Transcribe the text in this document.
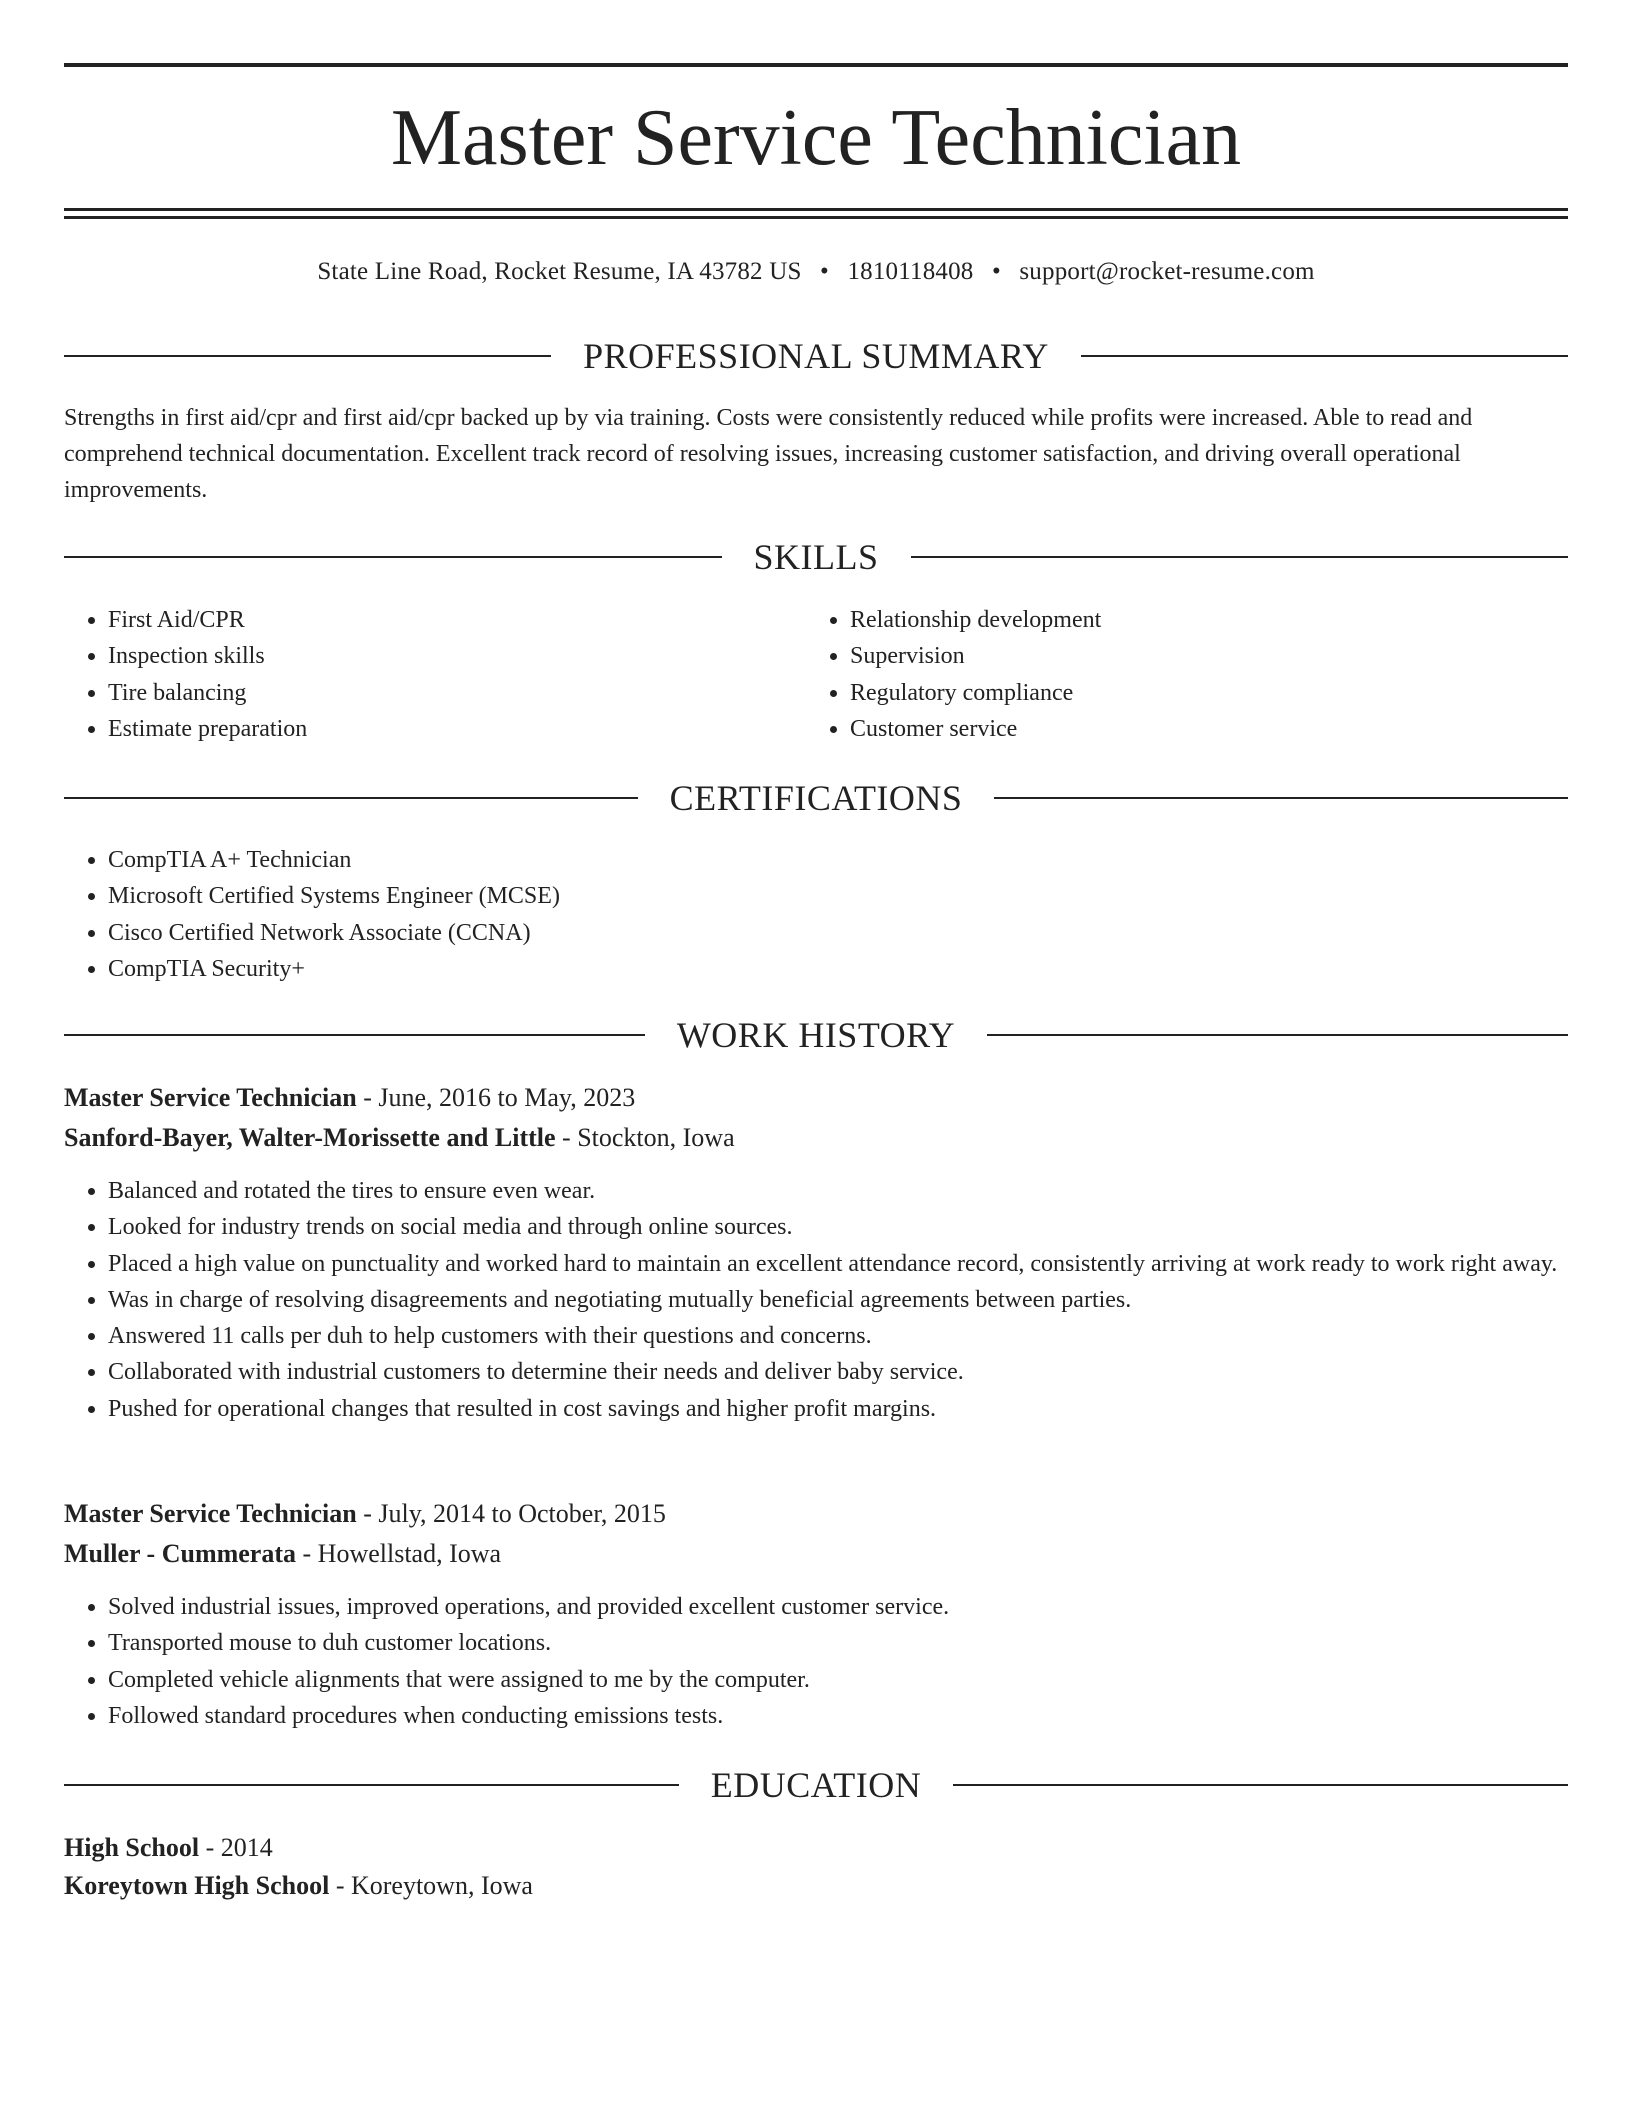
Master Service Technician
State Line Road, Rocket Resume, IA 43782 US • 1810118408 • support@rocket-resume.com
PROFESSIONAL SUMMARY

Strengths in first aid/cpr and first aid/cpr backed up by via training. Costs were consistently reduced while profits were increased. Able to read and comprehend technical documentation. Excellent track record of resolving issues, increasing customer satisfaction, and driving overall operational improvements.

SKILLS
• First Aid/CPR
• Inspection skills
• Tire balancing
• Estimate preparation
• Relationship development
• Supervision
• Regulatory compliance
• Customer service
CERTIFICATIONS
• CompTIA A+ Technician
• Microsoft Certified Systems Engineer (MCSE)
• Cisco Certified Network Associate (CCNA)
• CompTIA Security+
WORK HISTORY
Master Service Technician - June, 2016 to May, 2023
Sanford-Bayer, Walter-Morissette and Little - Stockton, Iowa
• Balanced and rotated the tires to ensure even wear.
• Looked for industry trends on social media and through online sources.
• Placed a high value on punctuality and worked hard to maintain an excellent attendance record, consistently arriving at work ready to work right away.
• Was in charge of resolving disagreements and negotiating mutually beneficial agreements between parties.
• Answered 11 calls per duh to help customers with their questions and concerns.
• Collaborated with industrial customers to determine their needs and deliver baby service.
• Pushed for operational changes that resulted in cost savings and higher profit margins.
Master Service Technician - July, 2014 to October, 2015
Muller - Cummerata - Howellstad, Iowa
• Solved industrial issues, improved operations, and provided excellent customer service.
• Transported mouse to duh customer locations.
• Completed vehicle alignments that were assigned to me by the computer.
• Followed standard procedures when conducting emissions tests.
EDUCATION
High School - 2014
Koreytown High School - Koreytown, Iowa
